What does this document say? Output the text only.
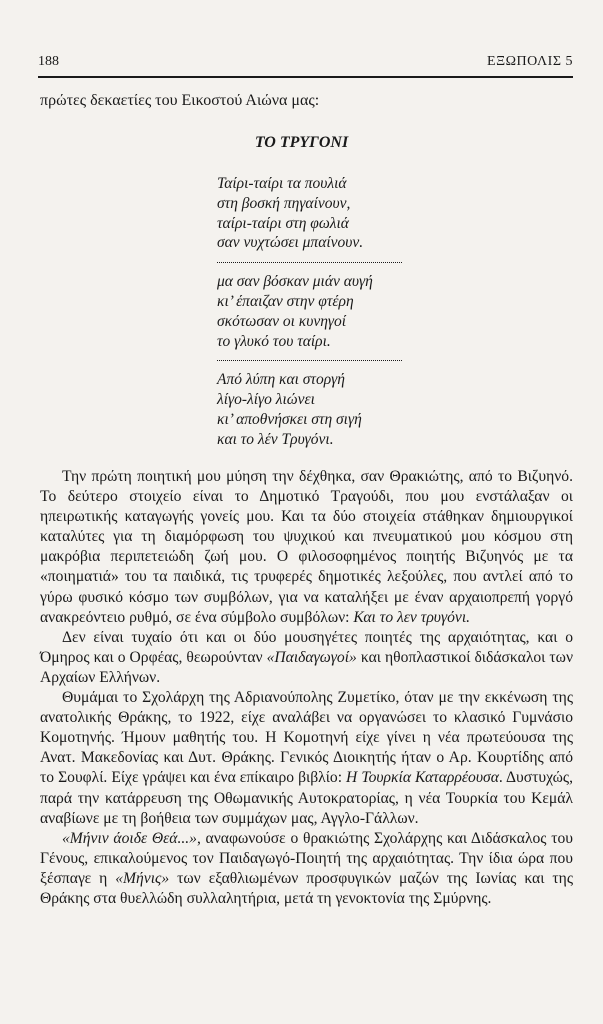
188	ΕΞΩΠΟΛΙΣ 5
πρώτες δεκαετίες του Εικοστού Αιώνα μας:
ΤΟ ΤΡΥΓΟΝΙ
Ταίρι-ταίρι τα πουλιά
στη βοσκή πηγαίνουν,
ταίρι-ταίρι στη φωλιά
σαν νυχτώσει μπαίνουν.
μα σαν βόσκαν μιάν αυγή
κι’ έπαιζαν στην φτέρη
σκότωσαν οι κυνηγοί
το γλυκό του ταίρι.
Από λύπη και στοργή
λίγο-λίγο λιώνει
κι’ αποθνήσκει στη σιγή
και το λέν Τρυγόνι.

Την πρώτη ποιητική μου μύηση την δέχθηκα, σαν Θρακιώτης, από το Βιζυηνό. Το δεύτερο στοιχείο είναι το Δημοτικό Τραγούδι, που μου ενστάλαξαν οι ηπειρωτικής καταγωγής γονείς μου. Και τα δύο στοιχεία στάθηκαν δημιουργικοί καταλύτες για τη διαμόρφωση του ψυχικού και πνευματικού μου κόσμου στη μακρόβια περιπετειώδη ζωή μου. Ο φιλοσοφημένος ποιητής Βιζυηνός με τα «ποιηματιά» του τα παιδικά, τις τρυφερές δημοτικές λεξούλες, που αντλεί από το γύρω φυσικό κόσμο των συμβόλων, για να καταλήξει με έναν αρχαιοπρεπή γοργό ανακρεόντειο ρυθμό, σε ένα σύμβολο συμβόλων: Και το λεν τρυγόνι.

Δεν είναι τυχαίο ότι και οι δύο μουσηγέτες ποιητές της αρχαιότητας, και ο Όμηρος και ο Ορφέας, θεωρούνταν «Παιδαγωγοί» και ηθοπλαστικοί διδάσκαλοι των Αρχαίων Ελλήνων.

Θυμάμαι το Σχολάρχη της Αδριανούπολης Ζυμετίκο, όταν με την εκκένωση της ανατολικής Θράκης, το 1922, είχε αναλάβει να οργανώσει το κλασικό Γυμνάσιο Κομοτηνής. Ήμουν μαθητής του. Η Κομοτηνή είχε γίνει η νέα πρωτεύουσα της Ανατ. Μακεδονίας και Δυτ. Θράκης. Γενικός Διοικητής ήταν ο Αρ. Κουρτίδης από το Σουφλί. Είχε γράψει και ένα επίκαιρο βιβλίο: Η Τουρκία Καταρρέουσα. Δυστυχώς, παρά την κατάρρευση της Οθωμανικής Αυτοκρατορίας, η νέα Τουρκία του Κεμάλ αναβίωνε με τη βοήθεια των συμμάχων μας, Αγγλο-Γάλλων.

«Μήνιν άοιδε Θεά...», αναφωνούσε ο θρακιώτης Σχολάρχης και Διδάσκαλος του Γένους, επικαλούμενος τον Παιδαγωγό-Ποιητή της αρχαιότητας. Την ίδια ώρα που ξέσπαγε η «Μήνις» των εξαθλιωμένων προσφυγικών μαζών της Ιωνίας και της Θράκης στα θυελλώδη συλλαλητήρια, μετά τη γενοκτονία της Σμύρνης.
